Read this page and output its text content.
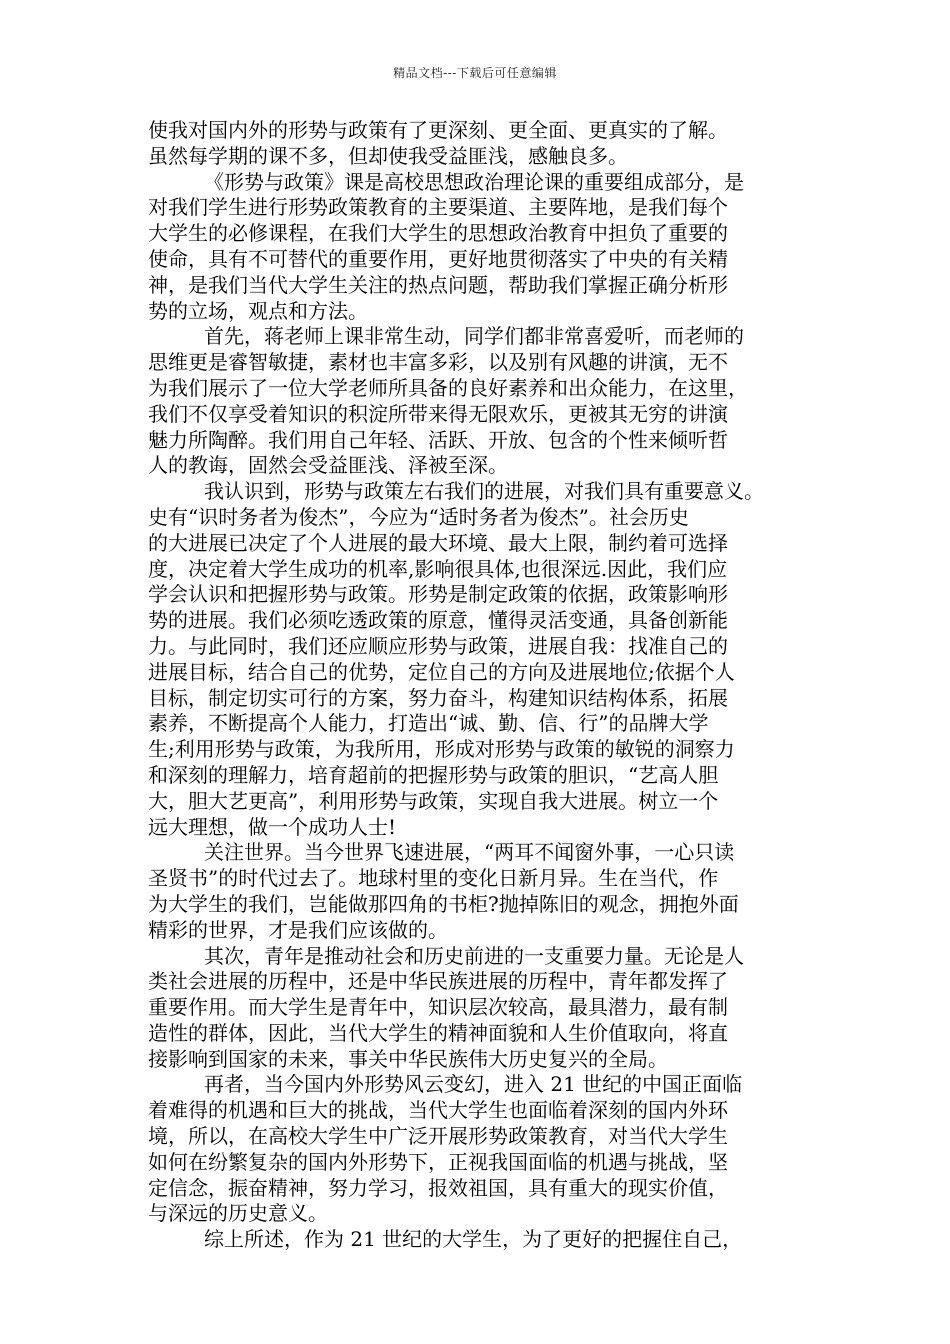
精品文档---下载后可任意编辑
使我对国内外的形势与政策有了更深刻、更全面、更真实的了解。
虽然每学期的课不多，但却使我受益匪浅，感触良多。
《形势与政策》课是高校思想政治理论课的重要组成部分，是
对我们学生进行形势政策教育的主要渠道、主要阵地，是我们每个
大学生的必修课程，在我们大学生的思想政治教育中担负了重要的
使命，具有不可替代的重要作用，更好地贯彻落实了中央的有关精
神，是我们当代大学生关注的热点问题，帮助我们掌握正确分析形
势的立场，观点和方法。
首先，蒋老师上课非常生动，同学们都非常喜爱听，而老师的
思维更是睿智敏捷，素材也丰富多彩，以及别有风趣的讲演，无不
为我们展示了一位大学老师所具备的良好素养和出众能力，在这里，
我们不仅享受着知识的积淀所带来得无限欢乐，更被其无穷的讲演
魅力所陶醉。我们用自己年轻、活跃、开放、包含的个性来倾听哲
人的教诲，固然会受益匪浅、泽被至深。
我认识到，形势与政策左右我们的进展，对我们具有重要意义。
史有“识时务者为俊杰”，今应为“适时务者为俊杰”。社会历史
的大进展已决定了个人进展的最大环境、最大上限，制约着可选择
度，决定着大学生成功的机率,影响很具体,也很深远.因此，我们应
学会认识和把握形势与政策。形势是制定政策的依据，政策影响形
势的进展。我们必须吃透政策的原意，懂得灵活变通，具备创新能
力。与此同时，我们还应顺应形势与政策，进展自我：找准自己的
进展目标，结合自己的优势，定位自己的方向及进展地位;依据个人
目标，制定切实可行的方案，努力奋斗，构建知识结构体系，拓展
素养，不断提高个人能力，打造出“诚、勤、信、行”的品牌大学
生;利用形势与政策，为我所用，形成对形势与政策的敏锐的洞察力
和深刻的理解力，培育超前的把握形势与政策的胆识，“艺高人胆
大，胆大艺更高”，利用形势与政策，实现自我大进展。树立一个
远大理想，做一个成功人士!
关注世界。当今世界飞速进展，“两耳不闻窗外事，一心只读
圣贤书”的时代过去了。地球村里的变化日新月异。生在当代，作
为大学生的我们，岂能做那四角的书柜?抛掉陈旧的观念，拥抱外面
精彩的世界，才是我们应该做的。
其次，青年是推动社会和历史前进的一支重要力量。无论是人
类社会进展的历程中，还是中华民族进展的历程中，青年都发挥了
重要作用。而大学生是青年中，知识层次较高，最具潜力，最有制
造性的群体，因此，当代大学生的精神面貌和人生价值取向，将直
接影响到国家的未来，事关中华民族伟大历史复兴的全局。
再者，当今国内外形势风云变幻，进入 21 世纪的中国正面临
着难得的机遇和巨大的挑战，当代大学生也面临着深刻的国内外环
境，所以，在高校大学生中广泛开展形势政策教育，对当代大学生
如何在纷繁复杂的国内外形势下，正视我国面临的机遇与挑战，坚
定信念，振奋精神，努力学习，报效祖国，具有重大的现实价值，
与深远的历史意义。
综上所述，作为 21 世纪的大学生，为了更好的把握住自己，
